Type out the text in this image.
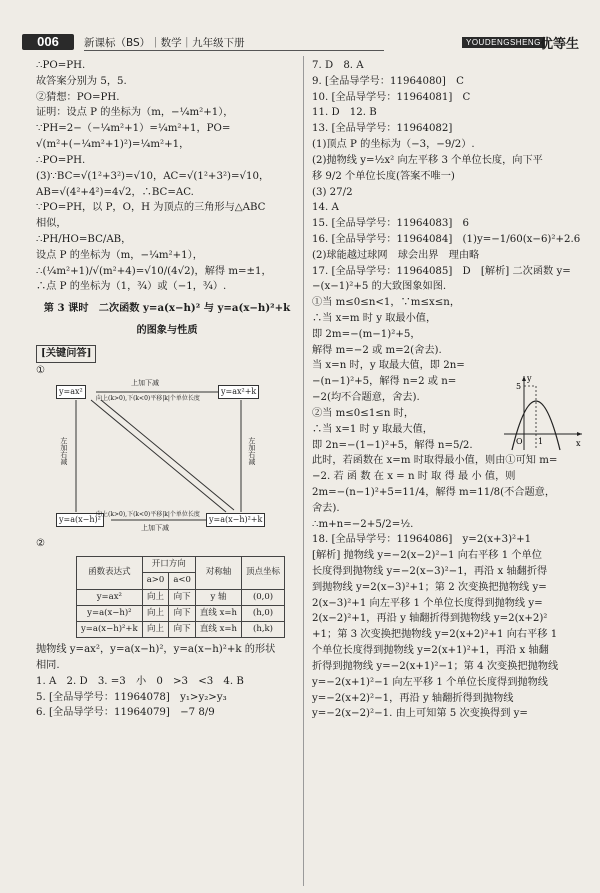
006	新课标（BS）｜数学｜九年级下册	YOUDENGSHENG 优等生

∴PO=PH.

故答案分别为 5，5.

②猜想：PO=PH.

证明：设点 P 的坐标为（m，−¼m²+1），

∵PH=2−（−¼m²+1）=¼m²+1，PO=

√(m²+(−¼m²+1)²)=¼m²+1，

∴PO=PH.

(3)∵BC=√(1²+3²)=√10，AC=√(1²+3²)=√10，

AB=√(4²+4²)=4√2，∴BC=AC.

∵PO=PH，以 P，O，H 为顶点的三角形与△ABC

相似，

∴PH/HO=BC/AB，

设点 P 的坐标为（m，−¼m²+1），

∴(¼m²+1)/√(m²+4)=√10/(4√2)，解得 m=±1，

∴点 P 的坐标为（1，¾）或（−1，¾）.

第 3 课时　二次函数 y=a(x−h)² 与 y=a(x−h)²+k

的图象与性质

[关键问答]

①

y=ax²	y=ax²+k
y=a(x−h)²	y=a(x−h)²+k
上加下减
向上(k>0),下(k<0)平移|k|个单位长度
向上(k>0),下(k<0)平移|k|个单位长度
上加下减
左加右减	左加右减

②

函数表达式	开口方向		对称轴	顶点坐标
	a>0	a<0		
y=ax²	向上	向下	y 轴	(0,0)
y=a(x−h)²	向上	向下	直线 x=h	(h,0)
y=a(x−h)²+k	向上	向下	直线 x=h	(h,k)

抛物线 y=ax²，y=a(x−h)²，y=a(x−h)²+k 的形状

相同.

1. A　2. D　3. =3　小　0　>3　<3　4. B

5. [全品导学号：11964078]　y₁>y₂>y₃

6. [全品导学号：11964079]　−7 8/9

7. D　8. A

9. [全品导学号：11964080]　C

10. [全品导学号：11964081]　C

11. D　12. B

13. [全品导学号：11964082]

(1)顶点 P 的坐标为（−3，−9/2）.

(2)抛物线 y=½x² 向左平移 3 个单位长度，向下平

移 9/2 个单位长度(答案不唯一)

(3) 27/2

14. A

15. [全品导学号：11964083]　6

16. [全品导学号：11964084]　(1)y=−1/60(x−6)²+2.6

(2)球能越过球网　球会出界　理由略

17. [全品导学号：11964085]　D　[解析] 二次函数 y=

−(x−1)²+5 的大致图象如图.

①当 m≤0≤n<1，∵m≤x≤n，

∴当 x=m 时 y 取最小值，

即 2m=−(m−1)²+5，

解得 m=−2 或 m=2(舍去).

当 x=n 时，y 取最大值，即 2n=

−(n−1)²+5，解得 n=2 或 n=

−2(均不合题意，舍去).

②当 m≤0≤1≤n 时，

∴当 x=1 时 y 取最大值，

即 2n=−(1−1)²+5，解得 n=5/2.

此时，若函数在 x=m 时取得最小值，则由①可知 m=

−2. 若 函 数 在 x = n 时 取 得 最 小 值，则

2m=−(n−1)²+5=11/4，解得 m=11/8(不合题意，

舍去).

∴m+n=−2+5/2=½.

18. [全品导学号：11964086]　y=2(x+3)²+1

[解析] 抛物线 y=−2(x−2)²−1 向右平移 1 个单位

长度得到抛物线 y=−2(x−3)²−1，再沿 x 轴翻折得

到抛物线 y=2(x−3)²+1；第 2 次变换把抛物线 y=

2(x−3)²+1 向左平移 1 个单位长度得到抛物线 y=

2(x−2)²+1，再沿 y 轴翻折得到抛物线 y=2(x+2)²

+1；第 3 次变换把抛物线 y=2(x+2)²+1 向右平移 1

个单位长度得到抛物线 y=2(x+1)²+1，再沿 x 轴翻

折得到抛物线 y=−2(x+1)²−1；第 4 次变换把抛物线

y=−2(x+1)²−1 向左平移 1 个单位长度得到抛物线

y=−2(x+2)²−1，再沿 y 轴翻折得到抛物线

y=−2(x−2)²−1. 由上可知第 5 次变换得到 y=

y
x
O 1
5
